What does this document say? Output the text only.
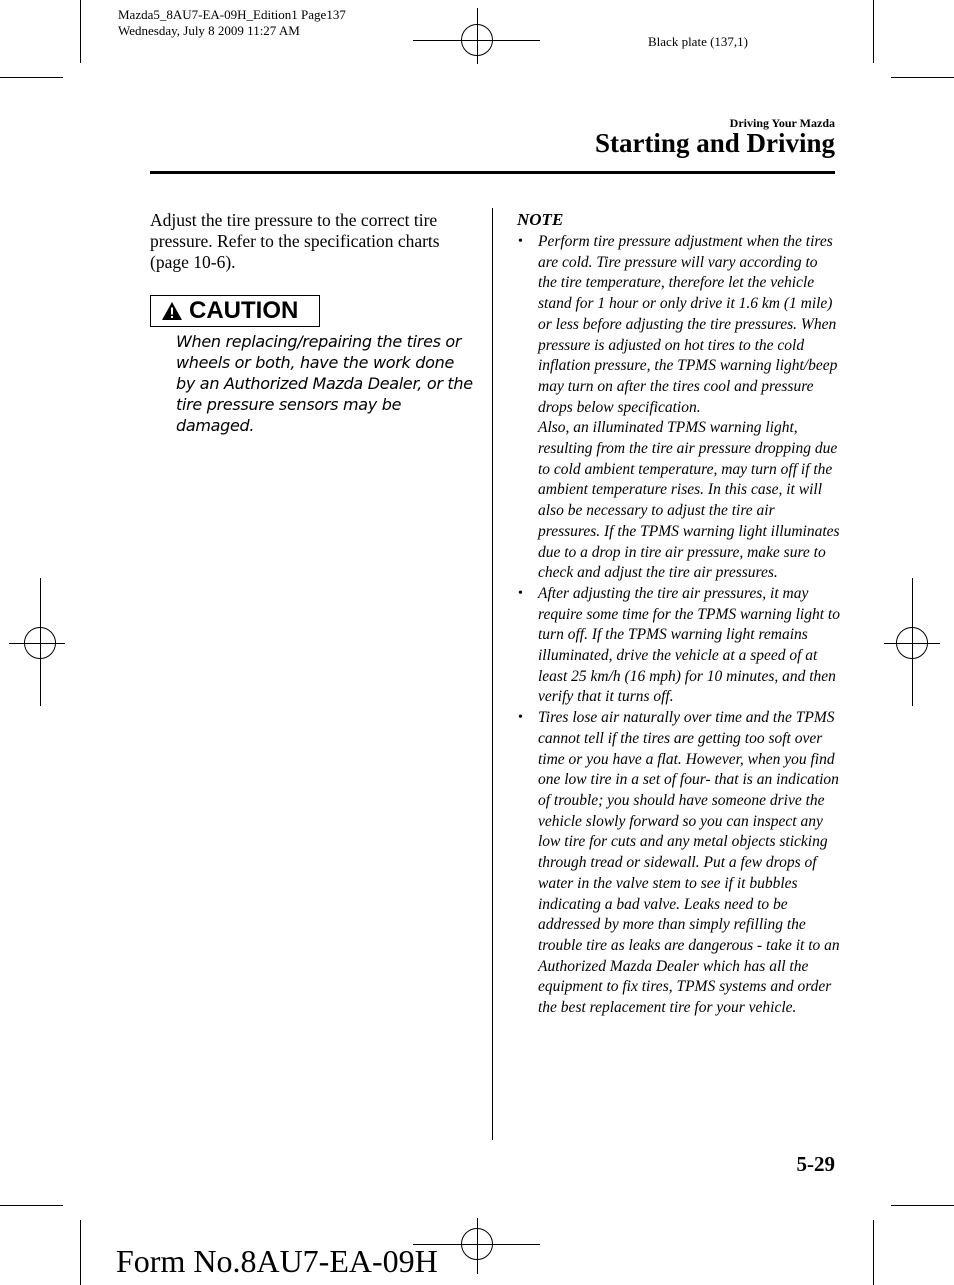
Mazda5_8AU7-EA-09H_Edition1 Page137
Wednesday, July 8 2009 11:27 AM
Black plate (137,1)
Driving Your Mazda
Starting and Driving
Adjust the tire pressure to the correct tire pressure. Refer to the specification charts (page 10-6).
CAUTION
When replacing/repairing the tires or wheels or both, have the work done by an Authorized Mazda Dealer, or the tire pressure sensors may be damaged.
NOTE
• Perform tire pressure adjustment when the tires are cold. Tire pressure will vary according to the tire temperature, therefore let the vehicle stand for 1 hour or only drive it 1.6 km (1 mile) or less before adjusting the tire pressures. When pressure is adjusted on hot tires to the cold inflation pressure, the TPMS warning light/beep may turn on after the tires cool and pressure drops below specification.
Also, an illuminated TPMS warning light, resulting from the tire air pressure dropping due to cold ambient temperature, may turn off if the ambient temperature rises. In this case, it will also be necessary to adjust the tire air pressures. If the TPMS warning light illuminates due to a drop in tire air pressure, make sure to check and adjust the tire air pressures.
• After adjusting the tire air pressures, it may require some time for the TPMS warning light to turn off. If the TPMS warning light remains illuminated, drive the vehicle at a speed of at least 25 km/h (16 mph) for 10 minutes, and then verify that it turns off.
• Tires lose air naturally over time and the TPMS cannot tell if the tires are getting too soft over time or you have a flat. However, when you find one low tire in a set of four- that is an indication of trouble; you should have someone drive the vehicle slowly forward so you can inspect any low tire for cuts and any metal objects sticking through tread or sidewall. Put a few drops of water in the valve stem to see if it bubbles indicating a bad valve. Leaks need to be addressed by more than simply refilling the trouble tire as leaks are dangerous - take it to an Authorized Mazda Dealer which has all the equipment to fix tires, TPMS systems and order the best replacement tire for your vehicle.
5-29
Form No.8AU7-EA-09H
